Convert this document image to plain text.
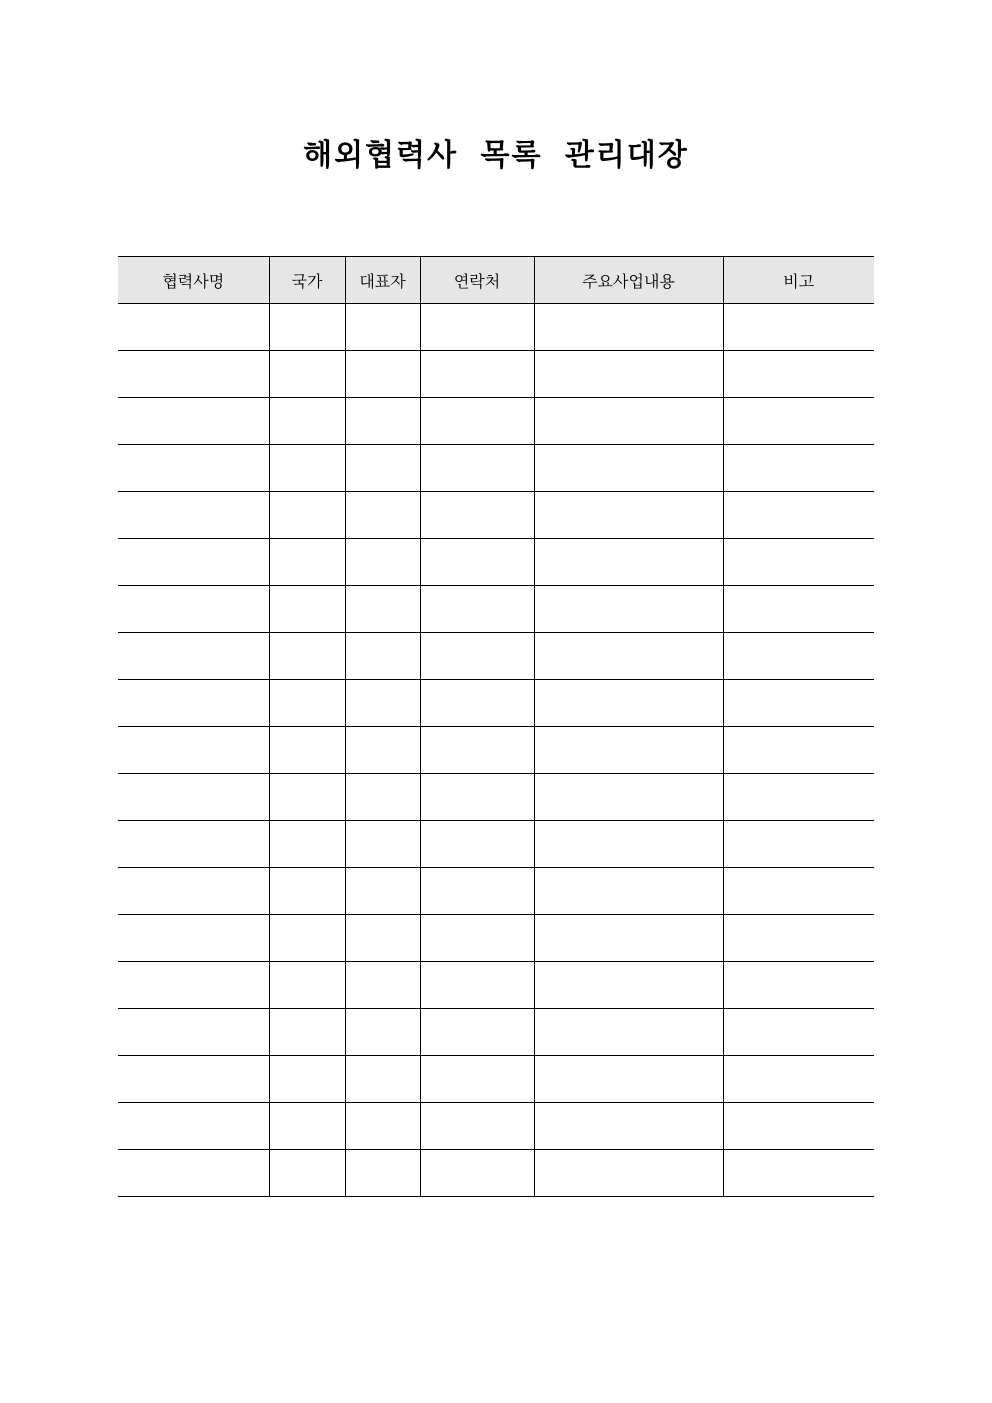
해외협력사 목록 관리대장
협력사명	국가	대표자	연락처	주요사업내용	비고
